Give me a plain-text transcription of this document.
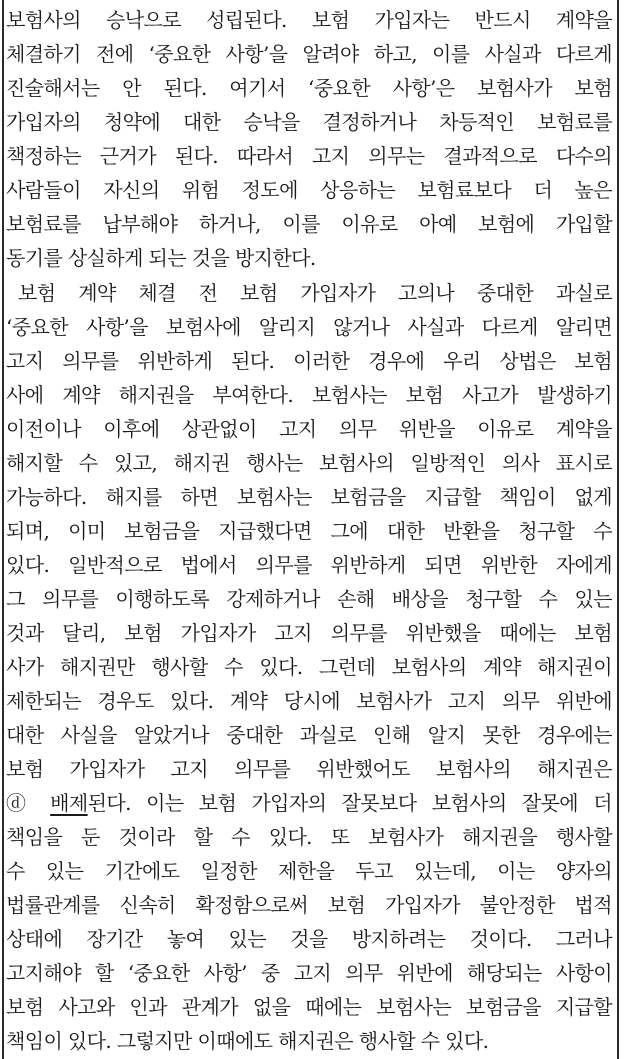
보험사의 승낙으로 성립된다. 보험 가입자는 반드시 계약을
체결하기 전에 ‘중요한 사항’을 알려야 하고, 이를 사실과 다르게
진술해서는 안 된다. 여기서 ‘중요한 사항’은 보험사가 보험
가입자의 청약에 대한 승낙을 결정하거나 차등적인 보험료를
책정하는 근거가 된다. 따라서 고지 의무는 결과적으로 다수의
사람들이 자신의 위험 정도에 상응하는 보험료보다 더 높은
보험료를 납부해야 하거나, 이를 이유로 아예 보험에 가입할
동기를 상실하게 되는 것을 방지한다.
보험 계약 체결 전 보험 가입자가 고의나 중대한 과실로
‘중요한 사항’을 보험사에 알리지 않거나 사실과 다르게 알리면
고지 의무를 위반하게 된다. 이러한 경우에 우리 상법은 보험
사에 계약 해지권을 부여한다. 보험사는 보험 사고가 발생하기
이전이나 이후에 상관없이 고지 의무 위반을 이유로 계약을
해지할 수 있고, 해지권 행사는 보험사의 일방적인 의사 표시로
가능하다. 해지를 하면 보험사는 보험금을 지급할 책임이 없게
되며, 이미 보험금을 지급했다면 그에 대한 반환을 청구할 수
있다. 일반적으로 법에서 의무를 위반하게 되면 위반한 자에게
그 의무를 이행하도록 강제하거나 손해 배상을 청구할 수 있는
것과 달리, 보험 가입자가 고지 의무를 위반했을 때에는 보험
사가 해지권만 행사할 수 있다. 그런데 보험사의 계약 해지권이
제한되는 경우도 있다. 계약 당시에 보험사가 고지 의무 위반에
대한 사실을 알았거나 중대한 과실로 인해 알지 못한 경우에는
보험 가입자가 고지 의무를 위반했어도 보험사의 해지권은
ⓓ 배제된다. 이는 보험 가입자의 잘못보다 보험사의 잘못에 더
책임을 둔 것이라 할 수 있다. 또 보험사가 해지권을 행사할
수 있는 기간에도 일정한 제한을 두고 있는데, 이는 양자의
법률관계를 신속히 확정함으로써 보험 가입자가 불안정한 법적
상태에 장기간 놓여 있는 것을 방지하려는 것이다. 그러나
고지해야 할 ‘중요한 사항’ 중 고지 의무 위반에 해당되는 사항이
보험 사고와 인과 관계가 없을 때에는 보험사는 보험금을 지급할
책임이 있다. 그렇지만 이때에도 해지권은 행사할 수 있다.
